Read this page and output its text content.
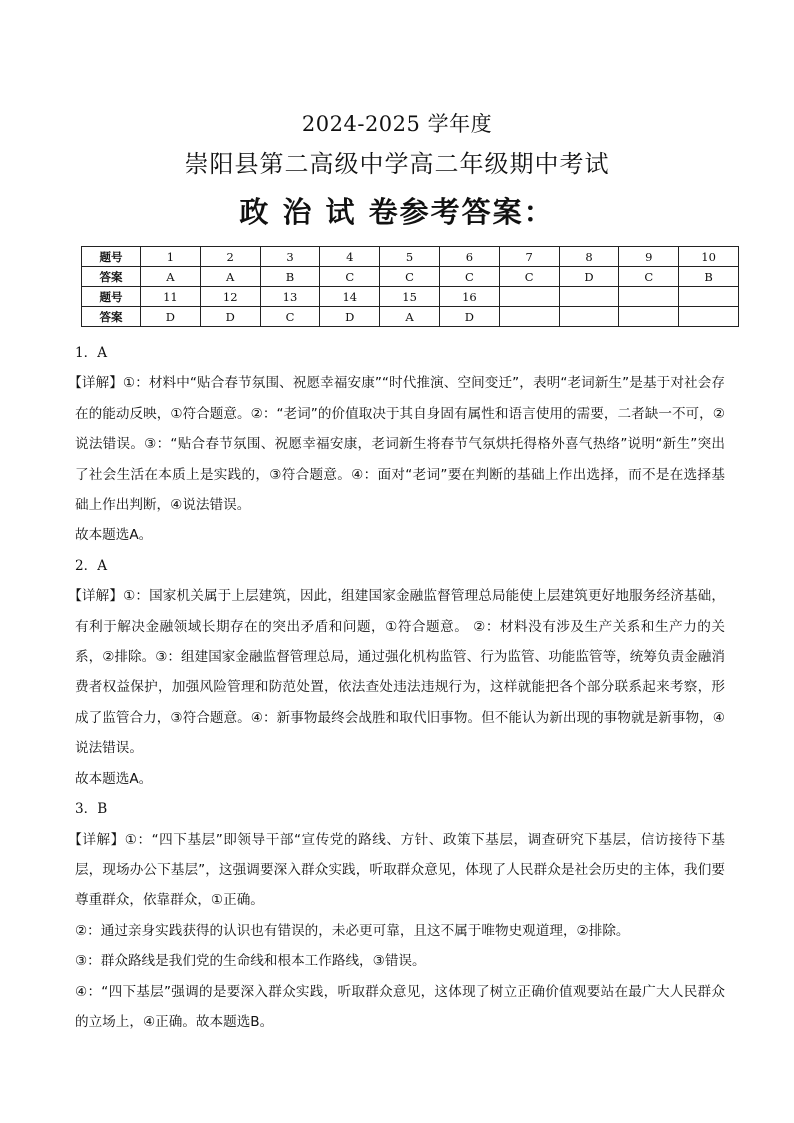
2024-2025 学年度
崇阳县第二高级中学高二年级期中考试
政 治 试 卷参考答案：
题号	1	2	3	4	5	6	7	8	9	10
答案	A	A	B	C	C	C	C	D	C	B
题号	11	12	13	14	15	16				
答案	D	D	C	D	A	D				

1．A

【详解】①：材料中“贴合春节氛围、祝愿幸福安康”“时代推演、空间变迁”，表明“老词新生”是基于对社会存在的能动反映，①符合题意。②：“老词”的价值取决于其自身固有属性和语言使用的需要，二者缺一不可，②说法错误。③：“贴合春节氛围、祝愿幸福安康，老词新生将春节气氛烘托得格外喜气热络”说明“新生”突出了社会生活在本质上是实践的，③符合题意。④：面对“老词”要在判断的基础上作出选择，而不是在选择基础上作出判断，④说法错误。

故本题选A。

2．A

【详解】①：国家机关属于上层建筑，因此，组建国家金融监督管理总局能使上层建筑更好地服务经济基础，有利于解决金融领域长期存在的突出矛盾和问题，①符合题意。 ②：材料没有涉及生产关系和生产力的关系，②排除。③：组建国家金融监督管理总局，通过强化机构监管、行为监管、功能监管等，统筹负责金融消费者权益保护，加强风险管理和防范处置，依法查处违法违规行为，这样就能把各个部分联系起来考察，形成了监管合力，③符合题意。④：新事物最终会战胜和取代旧事物。但不能认为新出现的事物就是新事物，④说法错误。

故本题选A。

3．B

【详解】①：“四下基层”即领导干部“宣传党的路线、方针、政策下基层，调查研究下基层，信访接待下基层，现场办公下基层”，这强调要深入群众实践，听取群众意见，体现了人民群众是社会历史的主体，我们要尊重群众，依靠群众，①正确。

②：通过亲身实践获得的认识也有错误的，未必更可靠，且这不属于唯物史观道理，②排除。

③：群众路线是我们党的生命线和根本工作路线，③错误。

④：“四下基层”强调的是要深入群众实践，听取群众意见，这体现了树立正确价值观要站在最广大人民群众的立场上，④正确。故本题选B。
